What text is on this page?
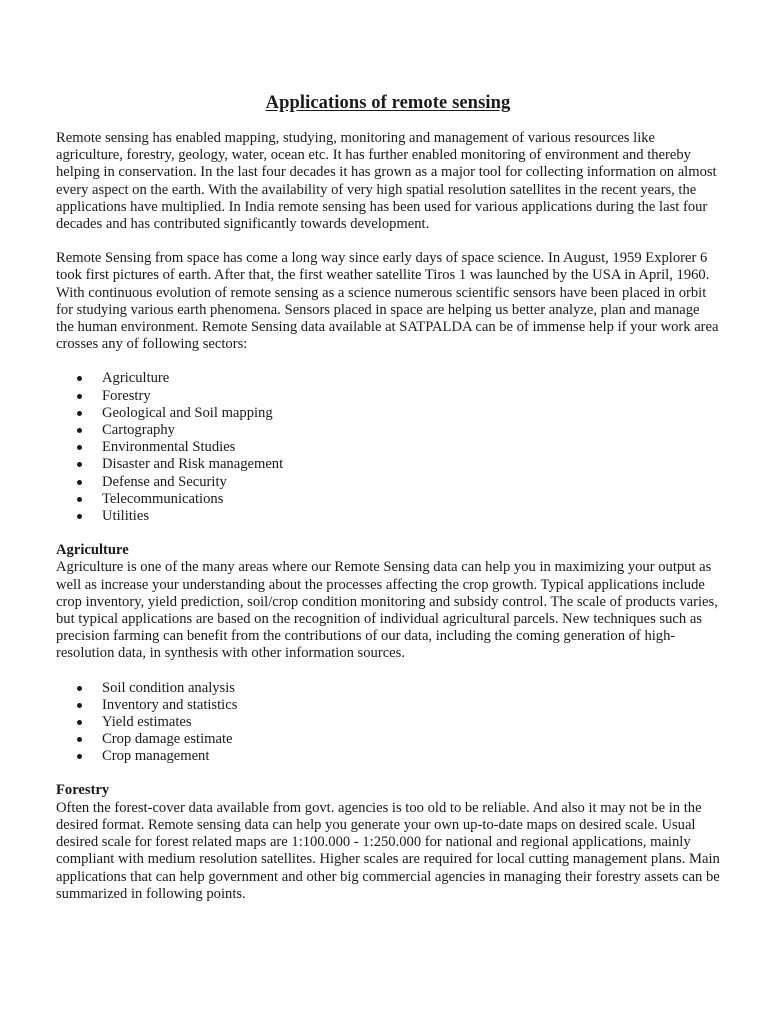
Applications of remote sensing

Remote sensing has enabled mapping, studying, monitoring and management of various resources like agriculture, forestry, geology, water, ocean etc. It has further enabled monitoring of environment and thereby helping in conservation. In the last four decades it has grown as a major tool for collecting information on almost every aspect on the earth. With the availability of very high spatial resolution satellites in the recent years, the applications have multiplied. In India remote sensing has been used for various applications during the last four decades and has contributed significantly towards development.

Remote Sensing from space has come a long way since early days of space science. In August, 1959 Explorer 6 took first pictures of earth. After that, the first weather satellite Tiros 1 was launched by the USA in April, 1960. With continuous evolution of remote sensing as a science numerous scientific sensors have been placed in orbit for studying various earth phenomena. Sensors placed in space are helping us better analyze, plan and manage the human environment. Remote Sensing data available at SATPALDA can be of immense help if your work area crosses any of following sectors:

Agriculture
Forestry
Geological and Soil mapping
Cartography
Environmental Studies
Disaster and Risk management
Defense and Security
Telecommunications
Utilities

Agriculture

Agriculture is one of the many areas where our Remote Sensing data can help you in maximizing your output as well as increase your understanding about the processes affecting the crop growth. Typical applications include crop inventory, yield prediction, soil/crop condition monitoring and subsidy control. The scale of products varies, but typical applications are based on the recognition of individual agricultural parcels. New techniques such as precision farming can benefit from the contributions of our data, including the coming generation of high-resolution data, in synthesis with other information sources.

Soil condition analysis
Inventory and statistics
Yield estimates
Crop damage estimate
Crop management

Forestry

Often the forest-cover data available from govt. agencies is too old to be reliable. And also it may not be in the desired format. Remote sensing data can help you generate your own up-to-date maps on desired scale. Usual desired scale for forest related maps are 1:100.000 - 1:250.000 for national and regional applications, mainly compliant with medium resolution satellites. Higher scales are required for local cutting management plans. Main applications that can help government and other big commercial agencies in managing their forestry assets can be summarized in following points.
